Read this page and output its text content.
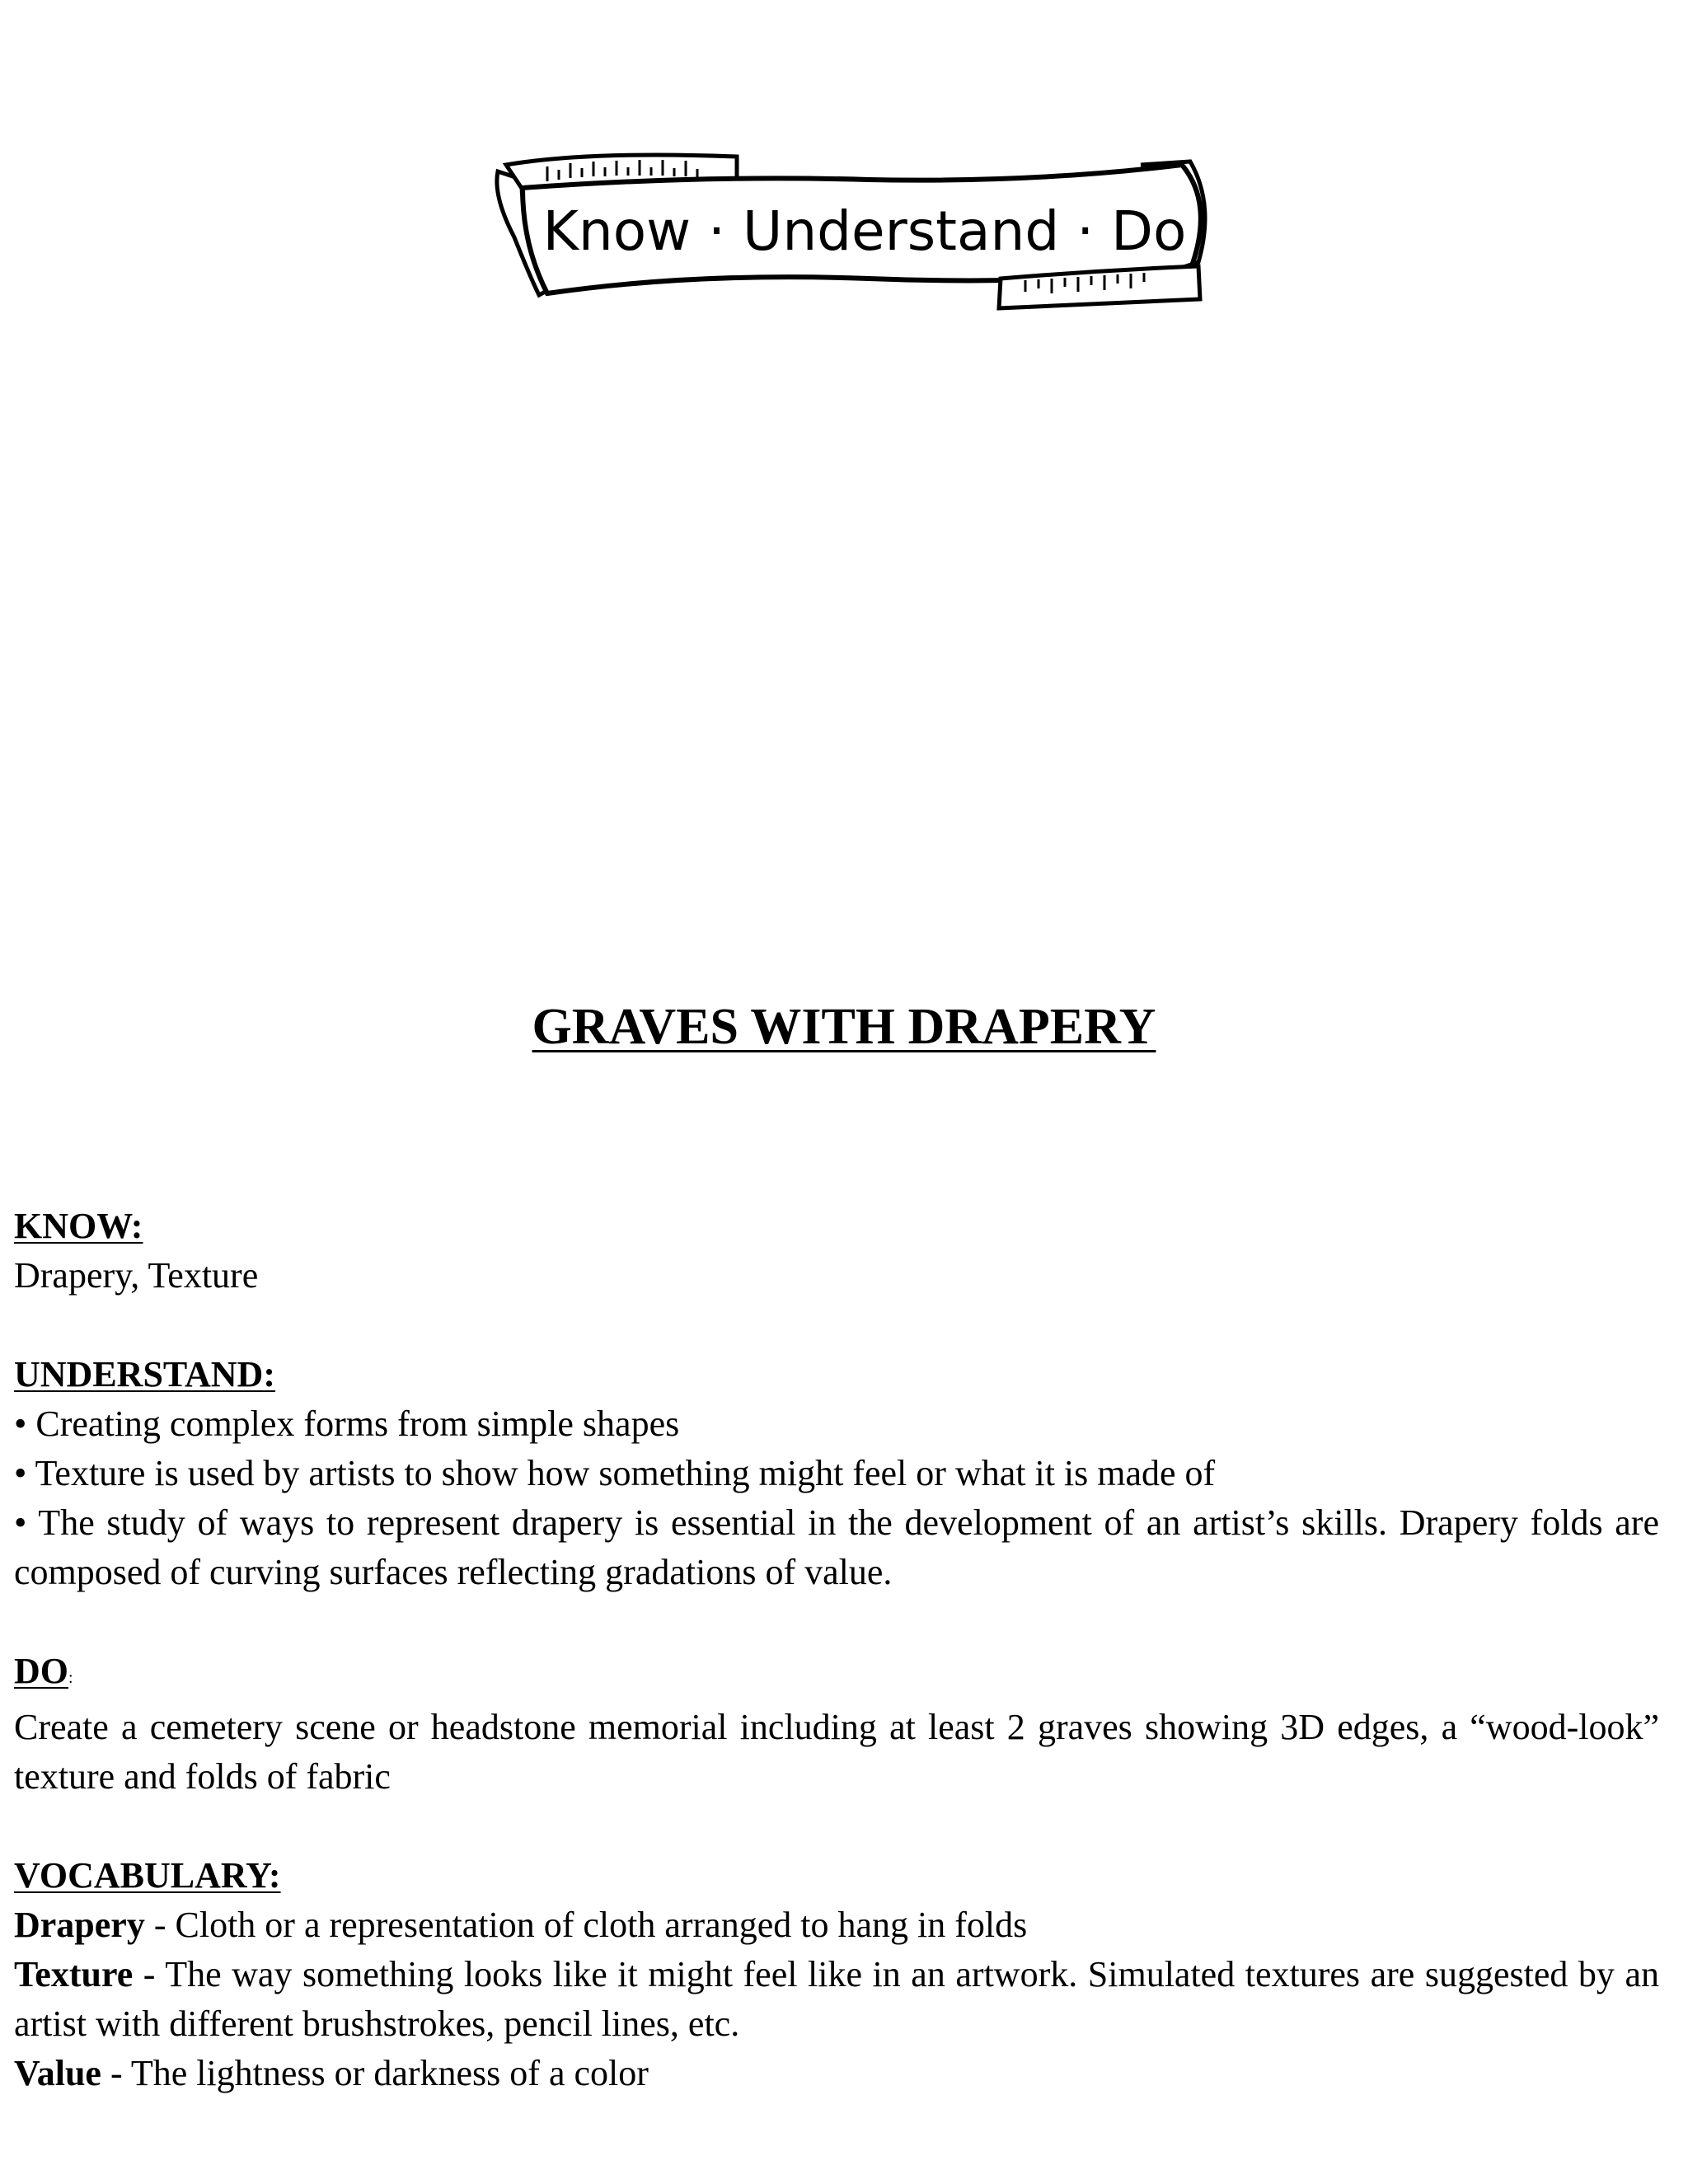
Know · Understand · Do
GRAVES WITH DRAPERY
KNOW:
Drapery, Texture
UNDERSTAND:
• Creating complex forms from simple shapes
• Texture is used by artists to show how something might feel or what it is made of
• The study of ways to represent drapery is essential in the development of an artist’s skills. Drapery folds are composed of curving surfaces reflecting gradations of value.
DO:
Create a cemetery scene or headstone memorial including at least 2 graves showing 3D edges, a “wood-look” texture and folds of fabric
VOCABULARY:
Drapery - Cloth or a representation of cloth arranged to hang in folds
Texture - The way something looks like it might feel like in an artwork. Simulated textures are suggested by an artist with different brushstrokes, pencil lines, etc.
Value - The lightness or darkness of a color
